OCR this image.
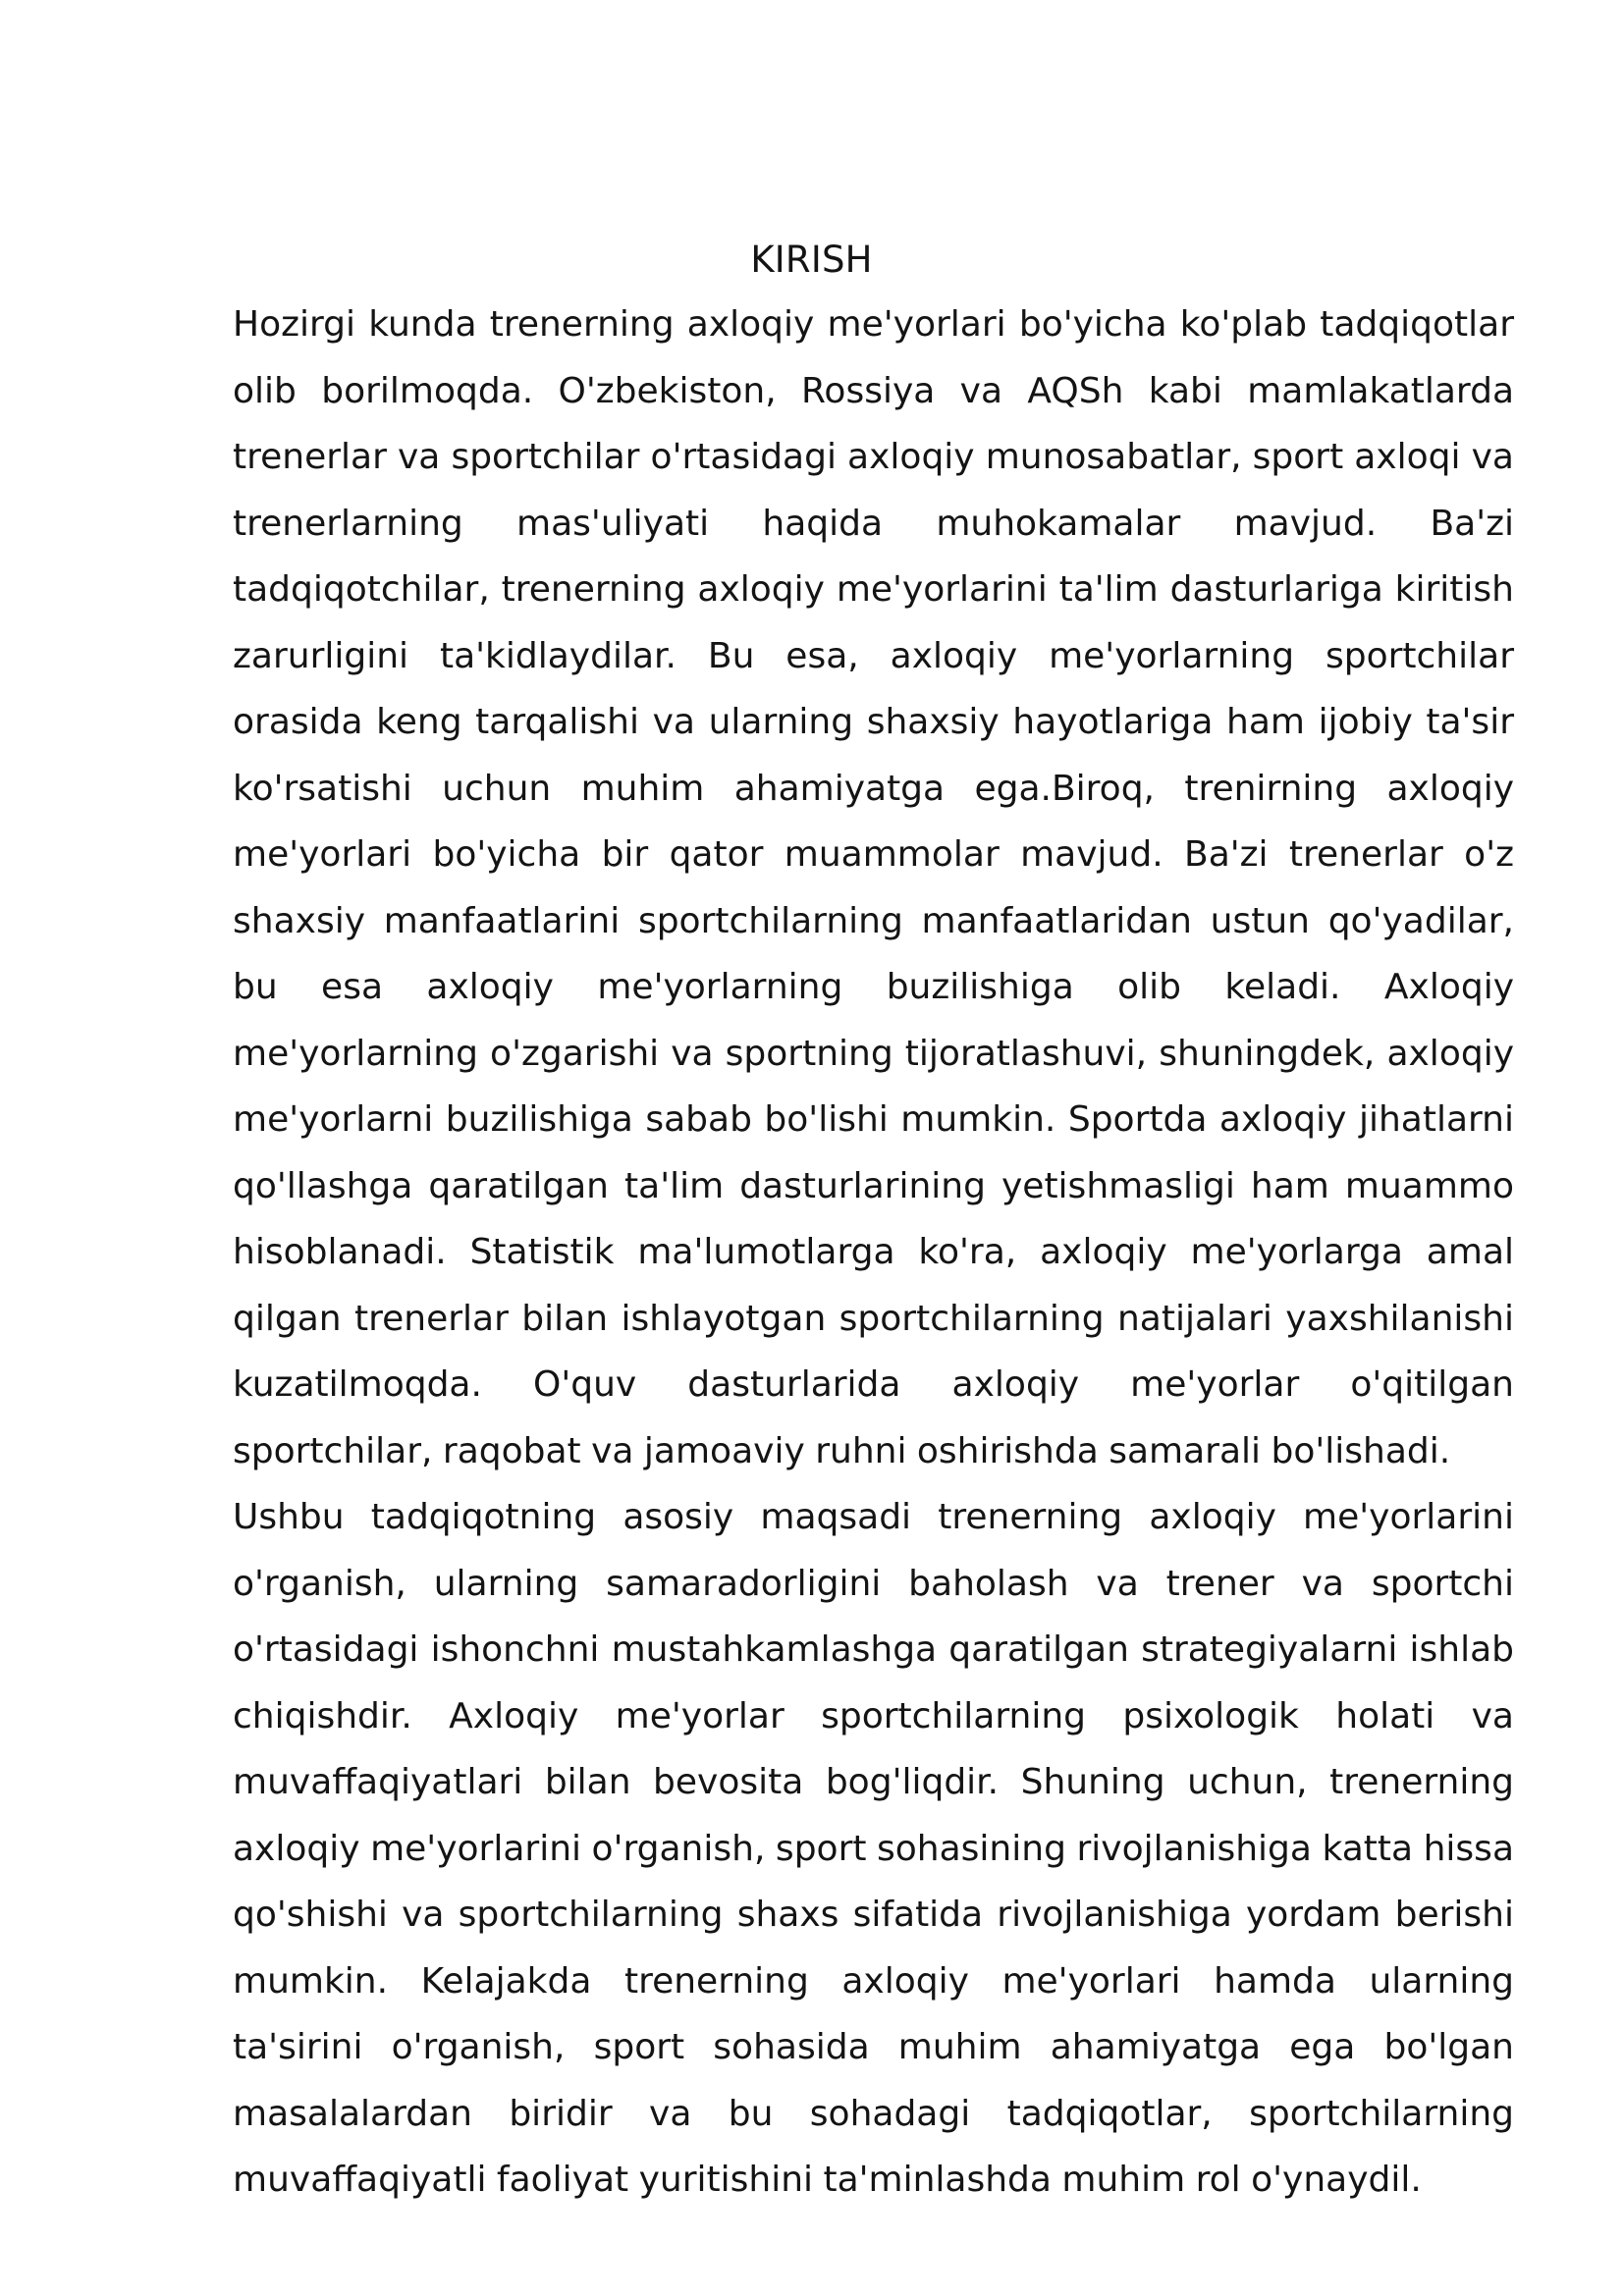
KIRISH

Hozirgi kunda trenerning axloqiy me'yorlari bo'yicha ko'plab tadqiqotlar olib borilmoqda. O'zbekiston, Rossiya va AQSh kabi mamlakatlarda trenerlar va sportchilar o'rtasidagi axloqiy munosabatlar, sport axloqi va trenerlarning mas'uliyati haqida muhokamalar mavjud. Ba'zi tadqiqotchilar, trenerning axloqiy me'yorlarini ta'lim dasturlariga kiritish zarurligini ta'kidlaydilar. Bu esa, axloqiy me'yorlarning sportchilar orasida keng tarqalishi va ularning shaxsiy hayotlariga ham ijobiy ta'sir ko'rsatishi uchun muhim ahamiyatga ega.Biroq, trenirning axloqiy me'yorlari bo'yicha bir qator muammolar mavjud. Ba'zi trenerlar o'z shaxsiy manfaatlarini sportchilarning manfaatlaridan ustun qo'yadilar, bu esa axloqiy me'yorlarning buzilishiga olib keladi. Axloqiy me'yorlarning o'zgarishi va sportning tijoratlashuvi, shuningdek, axloqiy me'yorlarni buzilishiga sabab bo'lishi mumkin. Sportda axloqiy jihatlarni qo'llashga qaratilgan ta'lim dasturlarining yetishmasligi ham muammo hisoblanadi. Statistik ma'lumotlarga ko'ra, axloqiy me'yorlarga amal qilgan trenerlar bilan ishlayotgan sportchilarning natijalari yaxshilanishi kuzatilmoqda. O'quv dasturlarida axloqiy me'yorlar o'qitilgan sportchilar, raqobat va jamoaviy ruhni oshirishda samarali bo'lishadi.

Ushbu tadqiqotning asosiy maqsadi trenerning axloqiy me'yorlarini o'rganish, ularning samaradorligini baholash va trener va sportchi o'rtasidagi ishonchni mustahkamlashga qaratilgan strategiyalarni ishlab chiqishdir. Axloqiy me'yorlar sportchilarning psixologik holati va muvaffaqiyatlari bilan bevosita bog'liqdir. Shuning uchun, trenerning axloqiy me'yorlarini o'rganish, sport sohasining rivojlanishiga katta hissa qo'shishi va sportchilarning shaxs sifatida rivojlanishiga yordam berishi mumkin. Kelajakda trenerning axloqiy me'yorlari hamda ularning ta'sirini o'rganish, sport sohasida muhim ahamiyatga ega bo'lgan masalalardan biridir va bu sohadagi tadqiqotlar, sportchilarning muvaffaqiyatli faoliyat yuritishini ta'minlashda muhim rol o'ynaydil.
